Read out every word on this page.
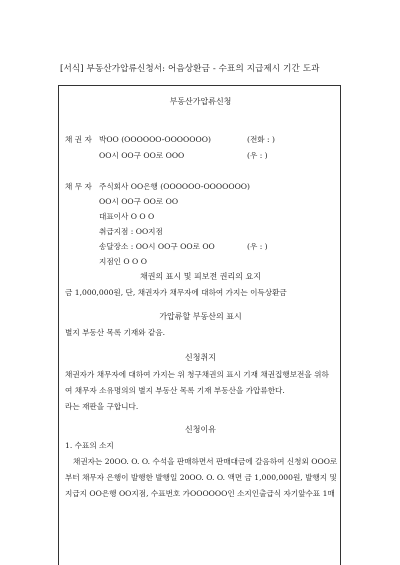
[서식] 부동산가압류신청서: 어음상환금 - 수표의 지급제시 기간 도과
부동산가압류신청
채 권 자 박OO (OOOOOO-OOOOOOO)	(전화 : )
OO시 OO구 OO로 OOO	(우 : )
채 무 자 주식회사 OO은행 (OOOOOO-OOOOOOO)
OO시 OO구 OO로 OO
대표이사 O O O
취급지점 : OO지점
송달장소 : OO시 OO구 OO로 OO	(우 : )
지점인 O O O
채권의 표시 및 피보전 권리의 요지
금 1,000,000원, 단, 채권자가 채무자에 대하여 가지는 이득상환금
가압류할 부동산의 표시
별지 부동산 목록 기재와 같음.
신청취지
채권자가 채무자에 대하여 가지는 위 청구채권의 표시 기재 채권집행보전을 위하
여 채무자 소유명의의 별지 부동산 목록 기재 부동산을 가압류한다.
라는 재판을 구합니다.
신청이유
1. 수표의 소지
채권자는 20OO. O. O. 수석을 판매하면서 판매대금에 갈음하여 신청외 OOO로
부터 채무자 은행이 발행한 발행일 20OO. O. O. 액면 금 1,000,000원, 발행지 및
지급지 OO은행 OO지점, 수표번호 가OOOOOO인 소지인출급식 자기앞수표 1매
